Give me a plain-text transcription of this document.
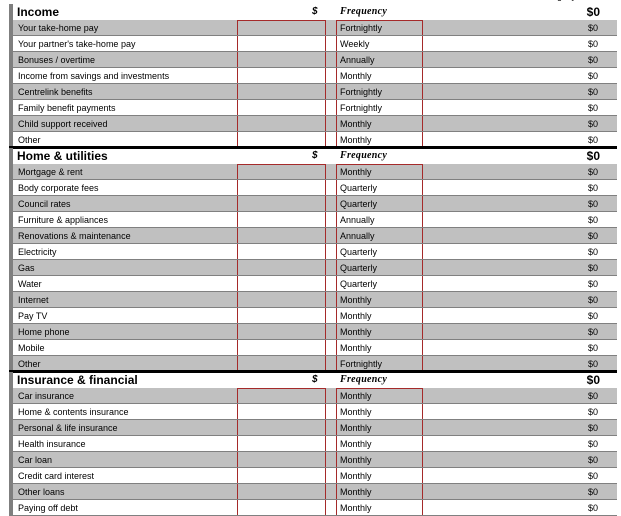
Income	$ Frequency	$0
Your take-home pay	Fortnightly	$0
Your partner's take-home pay	Weekly	$0
Bonuses / overtime	Annually	$0
Income from savings and investments	Monthly	$0
Centrelink benefits	Fortnightly	$0
Family benefit payments	Fortnightly	$0
Child support received	Monthly	$0
Other	Monthly	$0
Home & utilities	$ Frequency	$0
Mortgage & rent	Monthly	$0
Body corporate fees	Quarterly	$0
Council rates	Quarterly	$0
Furniture & appliances	Annually	$0
Renovations & maintenance	Annually	$0
Electricity	Quarterly	$0
Gas	Quarterly	$0
Water	Quarterly	$0
Internet	Monthly	$0
Pay TV	Monthly	$0
Home phone	Monthly	$0
Mobile	Monthly	$0
Other	Fortnightly	$0
Insurance & financial	$ Frequency	$0
Car insurance	Monthly	$0
Home & contents insurance	Monthly	$0
Personal & life insurance	Monthly	$0
Health insurance	Monthly	$0
Car loan	Monthly	$0
Credit card interest	Monthly	$0
Other loans	Monthly	$0
Paying off debt	Monthly	$0
